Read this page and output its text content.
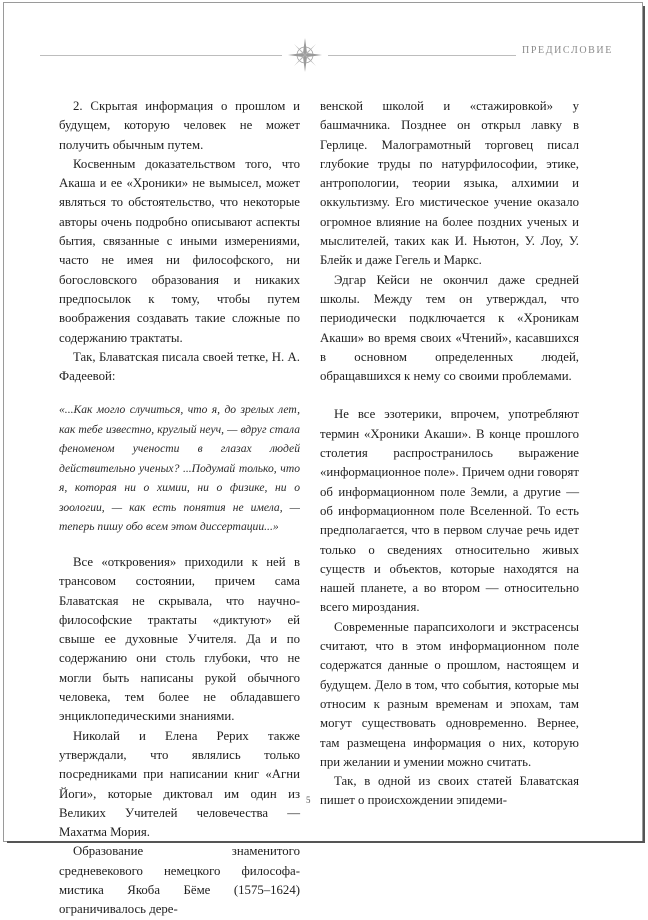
ПРЕДИСЛОВИЕ

2. Скрытая информация о прошлом и будущем, которую человек не может получить обычным путем.

Косвенным доказательством того, что Акаша и ее «Хроники» не вымысел, может являться то обстоятельство, что некоторые авторы очень подробно описывают аспекты бытия, связанные с иными измерениями, часто не имея ни философского, ни богословского образования и никаких предпосылок к тому, чтобы путем воображения создавать такие сложные по содержанию трактаты.

Так, Блаватская писала своей тетке, Н. А. Фадеевой:

«...Как могло случиться, что я, до зрелых лет, как тебе известно, круглый неуч, — вдруг стала феноменом учености в глазах людей действительно ученых? ...Подумай только, что я, которая ни о химии, ни о физике, ни о зоологии, — как есть понятия не имела, — теперь пишу обо всем этом диссертации...»

Все «откровения» приходили к ней в трансовом состоянии, причем сама Блаватская не скрывала, что научно-философские трактаты «диктуют» ей свыше ее духовные Учителя. Да и по содержанию они столь глубоки, что не могли быть написаны рукой обычного человека, тем более не обладавшего энциклопедическими знаниями.

Николай и Елена Рерих также утверждали, что являлись только посредниками при написании книг «Агни Йоги», которые диктовал им один из Великих Учителей человечества — Махатма Мория.

Образование знаменитого средневекового немецкого философа-мистика Якоба Бёме (1575–1624) ограничивалось дере-

венской школой и «стажировкой» у башмачника. Позднее он открыл лавку в Герлице. Малограмотный торговец писал глубокие труды по натурфилософии, этике, антропологии, теории языка, алхимии и оккультизму. Его мистическое учение оказало огромное влияние на более поздних ученых и мыслителей, таких как И. Ньютон, У. Лоу, У. Блейк и даже Гегель и Маркс.

Эдгар Кейси не окончил даже средней школы. Между тем он утверждал, что периодически подключается к «Хроникам Акаши» во время своих «Чтений», касавшихся в основном определенных людей, обращавшихся к нему со своими проблемами.

Не все эзотерики, впрочем, употребляют термин «Хроники Акаши». В конце прошлого столетия распространилось выражение «информационное поле». Причем одни говорят об информационном поле Земли, а другие — об информационном поле Вселенной. То есть предполагается, что в первом случае речь идет только о сведениях относительно живых существ и объектов, которые находятся на нашей планете, а во втором — относительно всего мироздания.

Современные парапсихологи и экстрасенсы считают, что в этом информационном поле содержатся данные о прошлом, настоящем и будущем. Дело в том, что события, которые мы относим к разным временам и эпохам, там могут существовать одновременно. Вернее, там размещена информация о них, которую при желании и умении можно считать.

Так, в одной из своих статей Блаватская пишет о происхождении эпидеми-

5
